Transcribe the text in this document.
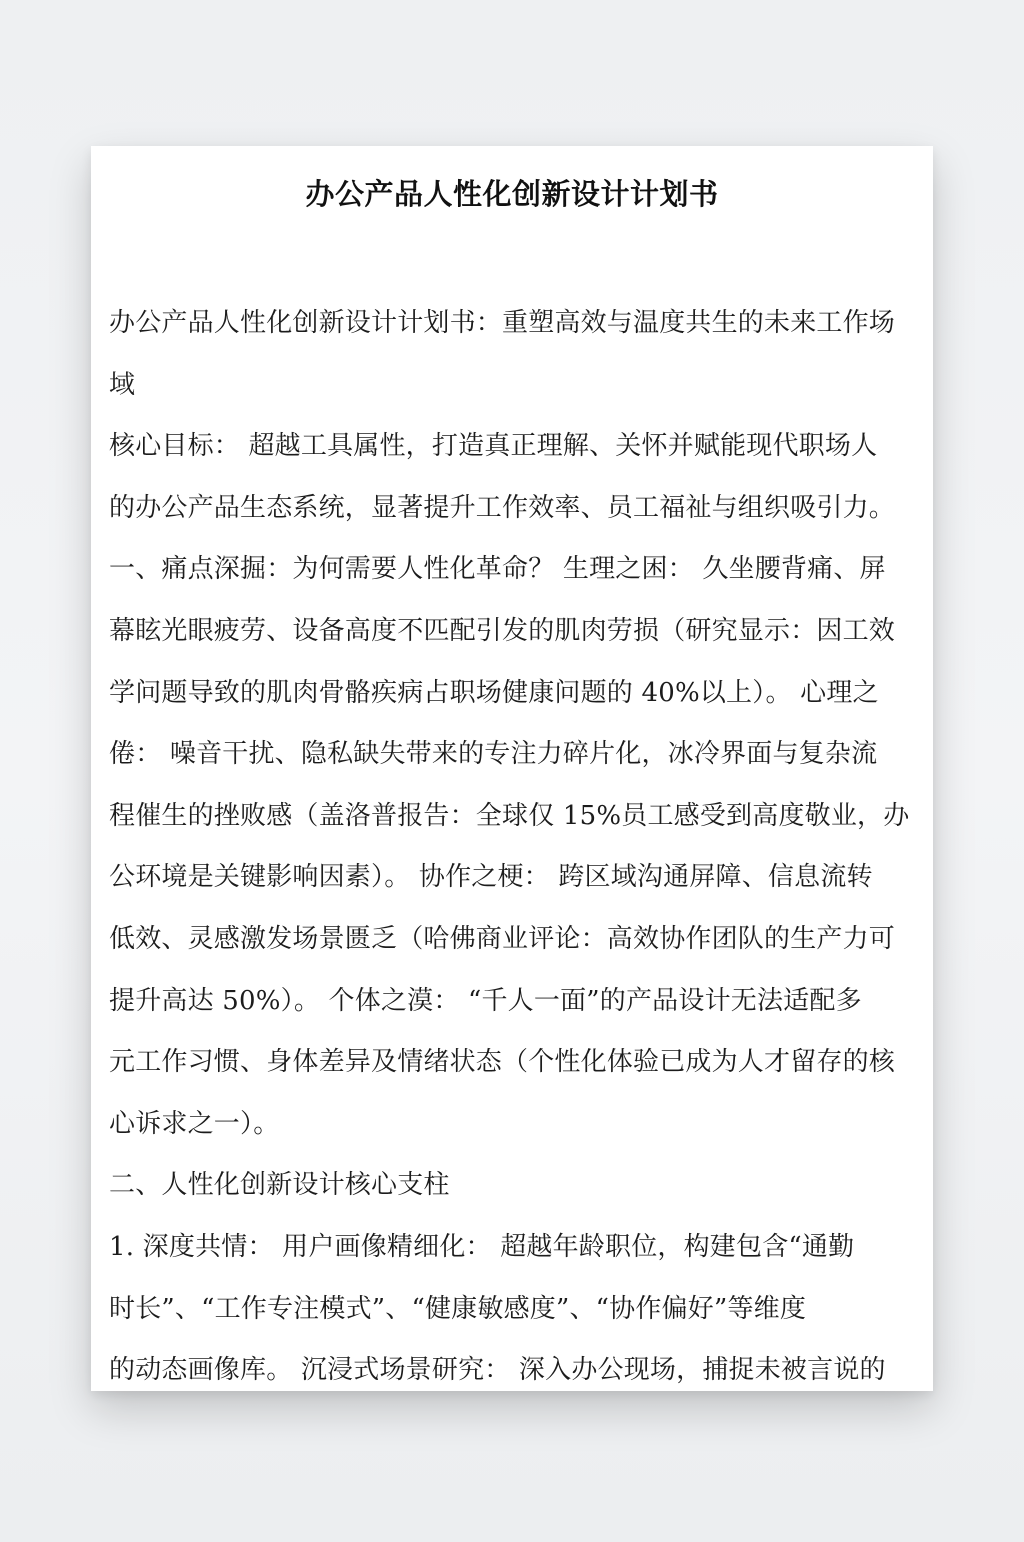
办公产品人性化创新设计计划书
办公产品人性化创新设计计划书：重塑高效与温度共生的未来工作场
域
核心目标： 超越工具属性，打造真正理解、关怀并赋能现代职场人
的办公产品生态系统，显著提升工作效率、员工福祉与组织吸引力。
一、痛点深掘：为何需要人性化革命？ 生理之困： 久坐腰背痛、屏
幕眩光眼疲劳、设备高度不匹配引发的肌肉劳损（研究显示：因工效
学问题导致的肌肉骨骼疾病占职场健康问题的 40%以上）。 心理之
倦： 噪音干扰、隐私缺失带来的专注力碎片化，冰冷界面与复杂流
程催生的挫败感（盖洛普报告：全球仅 15%员工感受到高度敬业，办
公环境是关键影响因素）。 协作之梗： 跨区域沟通屏障、信息流转
低效、灵感激发场景匮乏（哈佛商业评论：高效协作团队的生产力可
提升高达 50%）。 个体之漠： “千人一面”的产品设计无法适配多
元工作习惯、身体差异及情绪状态（个性化体验已成为人才留存的核
心诉求之一）。
二、人性化创新设计核心支柱
1. 深度共情： 用户画像精细化： 超越年龄职位，构建包含“通勤
时长”、“工作专注模式”、“健康敏感度”、“协作偏好”等维度
的动态画像库。 沉浸式场景研究： 深入办公现场，捕捉未被言说的
